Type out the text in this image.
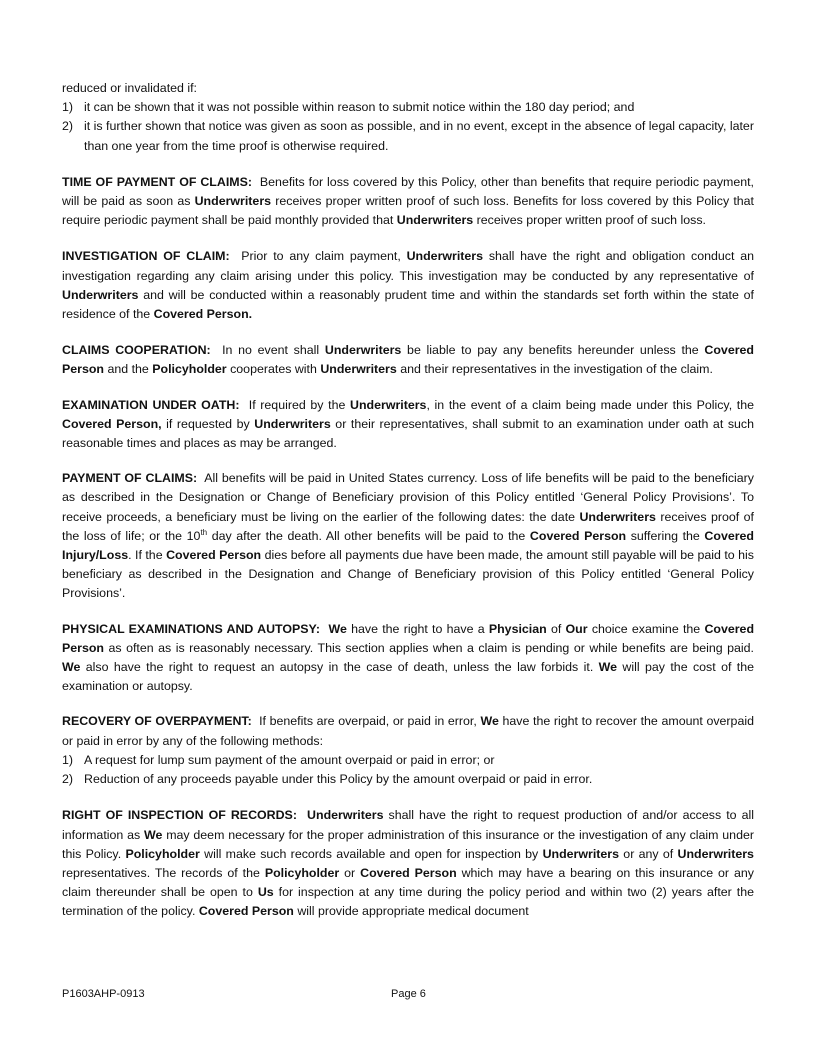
reduced or invalidated if:

1) it can be shown that it was not possible within reason to submit notice within the 180 day period; and
2) it is further shown that notice was given as soon as possible, and in no event, except in the absence of legal capacity, later than one year from the time proof is otherwise required.

TIME OF PAYMENT OF CLAIMS: Benefits for loss covered by this Policy, other than benefits that require periodic payment, will be paid as soon as Underwriters receives proper written proof of such loss. Benefits for loss covered by this Policy that require periodic payment shall be paid monthly provided that Underwriters receives proper written proof of such loss.

INVESTIGATION OF CLAIM: Prior to any claim payment, Underwriters shall have the right and obligation conduct an investigation regarding any claim arising under this policy. This investigation may be conducted by any representative of Underwriters and will be conducted within a reasonably prudent time and within the standards set forth within the state of residence of the Covered Person.

CLAIMS COOPERATION: In no event shall Underwriters be liable to pay any benefits hereunder unless the Covered Person and the Policyholder cooperates with Underwriters and their representatives in the investigation of the claim.

EXAMINATION UNDER OATH: If required by the Underwriters, in the event of a claim being made under this Policy, the Covered Person, if requested by Underwriters or their representatives, shall submit to an examination under oath at such reasonable times and places as may be arranged.

PAYMENT OF CLAIMS: All benefits will be paid in United States currency. Loss of life benefits will be paid to the beneficiary as described in the Designation or Change of Beneficiary provision of this Policy entitled ‘General Policy Provisions’. To receive proceeds, a beneficiary must be living on the earlier of the following dates: the date Underwriters receives proof of the loss of life; or the 10th day after the death. All other benefits will be paid to the Covered Person suffering the Covered Injury/Loss. If the Covered Person dies before all payments due have been made, the amount still payable will be paid to his beneficiary as described in the Designation and Change of Beneficiary provision of this Policy entitled ‘General Policy Provisions’.

PHYSICAL EXAMINATIONS AND AUTOPSY: We have the right to have a Physician of Our choice examine the Covered Person as often as is reasonably necessary. This section applies when a claim is pending or while benefits are being paid. We also have the right to request an autopsy in the case of death, unless the law forbids it. We will pay the cost of the examination or autopsy.

RECOVERY OF OVERPAYMENT: If benefits are overpaid, or paid in error, We have the right to recover the amount overpaid or paid in error by any of the following methods:

1) A request for lump sum payment of the amount overpaid or paid in error; or
2) Reduction of any proceeds payable under this Policy by the amount overpaid or paid in error.

RIGHT OF INSPECTION OF RECORDS: Underwriters shall have the right to request production of and/or access to all information as We may deem necessary for the proper administration of this insurance or the investigation of any claim under this Policy. Policyholder will make such records available and open for inspection by Underwriters or any of Underwriters representatives. The records of the Policyholder or Covered Person which may have a bearing on this insurance or any claim thereunder shall be open to Us for inspection at any time during the policy period and within two (2) years after the termination of the policy. Covered Person will provide appropriate medical document

P1603AHP-0913	Page 6
